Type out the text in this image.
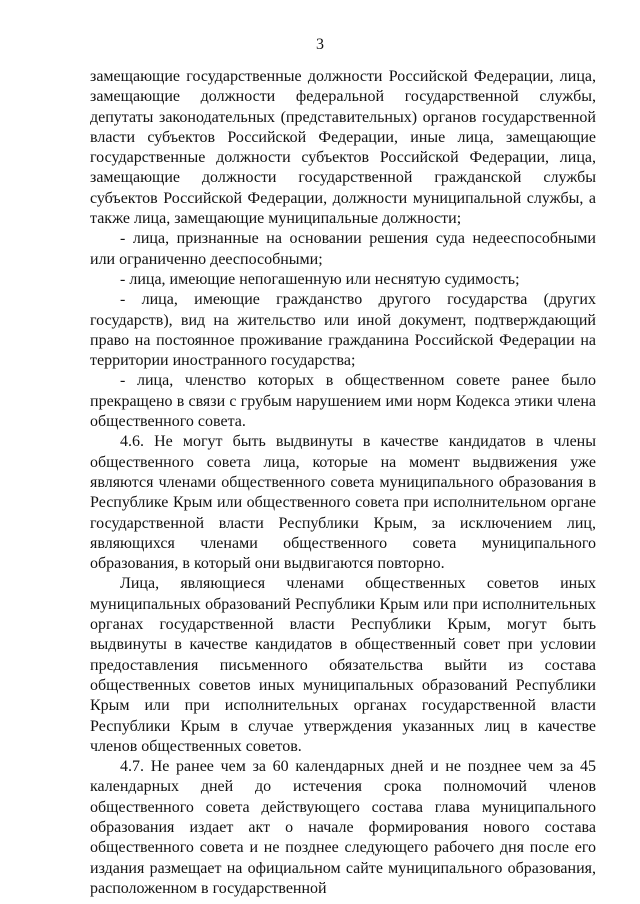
3

замещающие государственные должности Российской Федерации, лица, замещающие должности федеральной государственной службы, депутаты законодательных (представительных) органов государственной власти субъектов Российской Федерации, иные лица, замещающие государственные должности субъектов Российской Федерации, лица, замещающие должности государственной гражданской службы субъектов Российской Федерации, должности муниципальной службы, а также лица, замещающие муниципальные должности;

- лица, признанные на основании решения суда недееспособными или ограниченно дееспособными;

- лица, имеющие непогашенную или неснятую судимость;

- лица, имеющие гражданство другого государства (других государств), вид на жительство или иной документ, подтверждающий право на постоянное проживание гражданина Российской Федерации на территории иностранного государства;

- лица, членство которых в общественном совете ранее было прекращено в связи с грубым нарушением ими норм Кодекса этики члена общественного совета.

4.6. Не могут быть выдвинуты в качестве кандидатов в члены общественного совета лица, которые на момент выдвижения уже являются членами общественного совета муниципального образования в Республике Крым или общественного совета при исполнительном органе государственной власти Республики Крым, за исключением лиц, являющихся членами общественного совета муниципального образования, в который они выдвигаются повторно.

Лица, являющиеся членами общественных советов иных муниципальных образований Республики Крым или при исполнительных органах государственной власти Республики Крым, могут быть выдвинуты в качестве кандидатов в общественный совет при условии предоставления письменного обязательства выйти из состава общественных советов иных муниципальных образований Республики Крым или при исполнительных органах государственной власти Республики Крым в случае утверждения указанных лиц в качестве членов общественных советов.

4.7. Не ранее чем за 60 календарных дней и не позднее чем за 45 календарных дней до истечения срока полномочий членов общественного совета действующего состава глава муниципального образования издает акт о начале формирования нового состава общественного совета и не позднее следующего рабочего дня после его издания размещает на официальном сайте муниципального образования, расположенном в государственной
